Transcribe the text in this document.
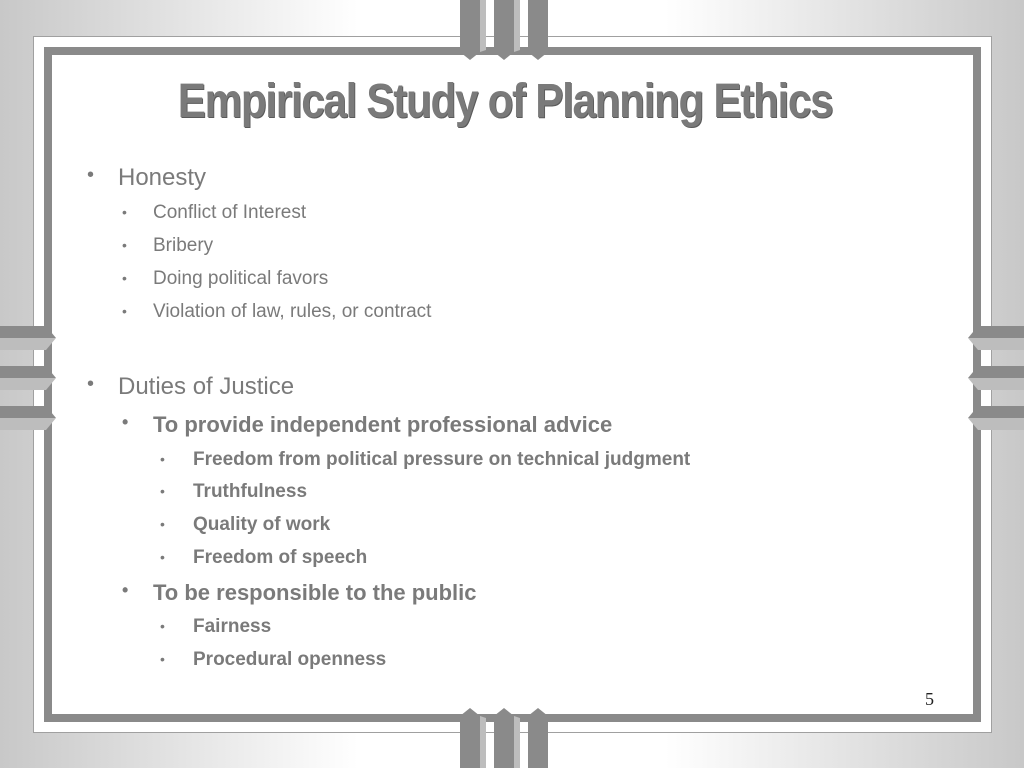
Empirical Study of Planning Ethics
• Honesty
• Conflict of Interest
• Bribery
• Doing political favors
• Violation of law, rules, or contract
• Duties of Justice
• To provide independent professional advice
• Freedom from political pressure on technical judgment
• Truthfulness
• Quality of work
• Freedom of speech
• To be responsible to the public
• Fairness
• Procedural openness
5
